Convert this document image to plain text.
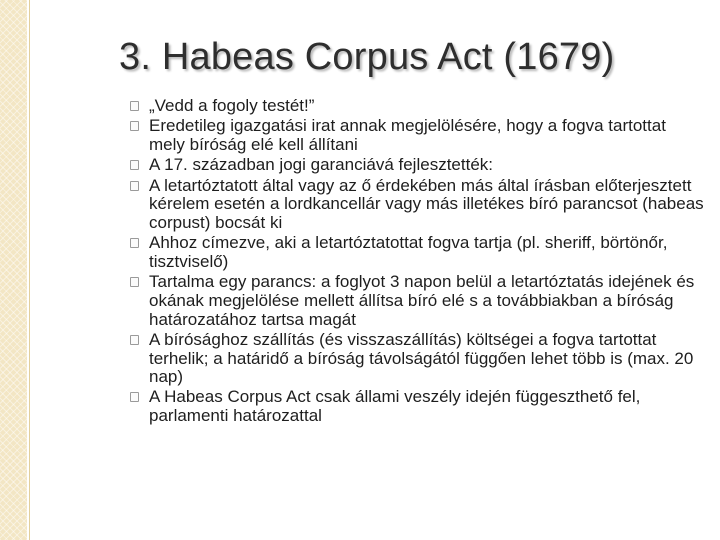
3. Habeas Corpus Act (1679)
„Vedd a fogoly testét!”
Eredetileg igazgatási irat annak megjelölésére, hogy a fogva tartottat mely bíróság elé kell állítani
A 17. században jogi garanciává fejlesztették:
A letartóztatott által vagy az ő érdekében más által írásban előterjesztett kérelem esetén a lordkancellár vagy más illetékes bíró parancsot (habeas corpust) bocsát ki
Ahhoz címezve, aki a letartóztatottat fogva tartja (pl. sheriff, börtönőr, tisztviselő)
Tartalma egy parancs: a foglyot 3 napon belül a letartóztatás idejének és okának megjelölése mellett állítsa bíró elé s a továbbiakban a bíróság határozatához tartsa magát
A bírósághoz szállítás (és visszaszállítás) költségei a fogva tartottat terhelik; a határidő a bíróság távolságától függően lehet több is (max. 20 nap)
A Habeas Corpus Act csak állami veszély idején függeszthető fel, parlamenti határozattal
